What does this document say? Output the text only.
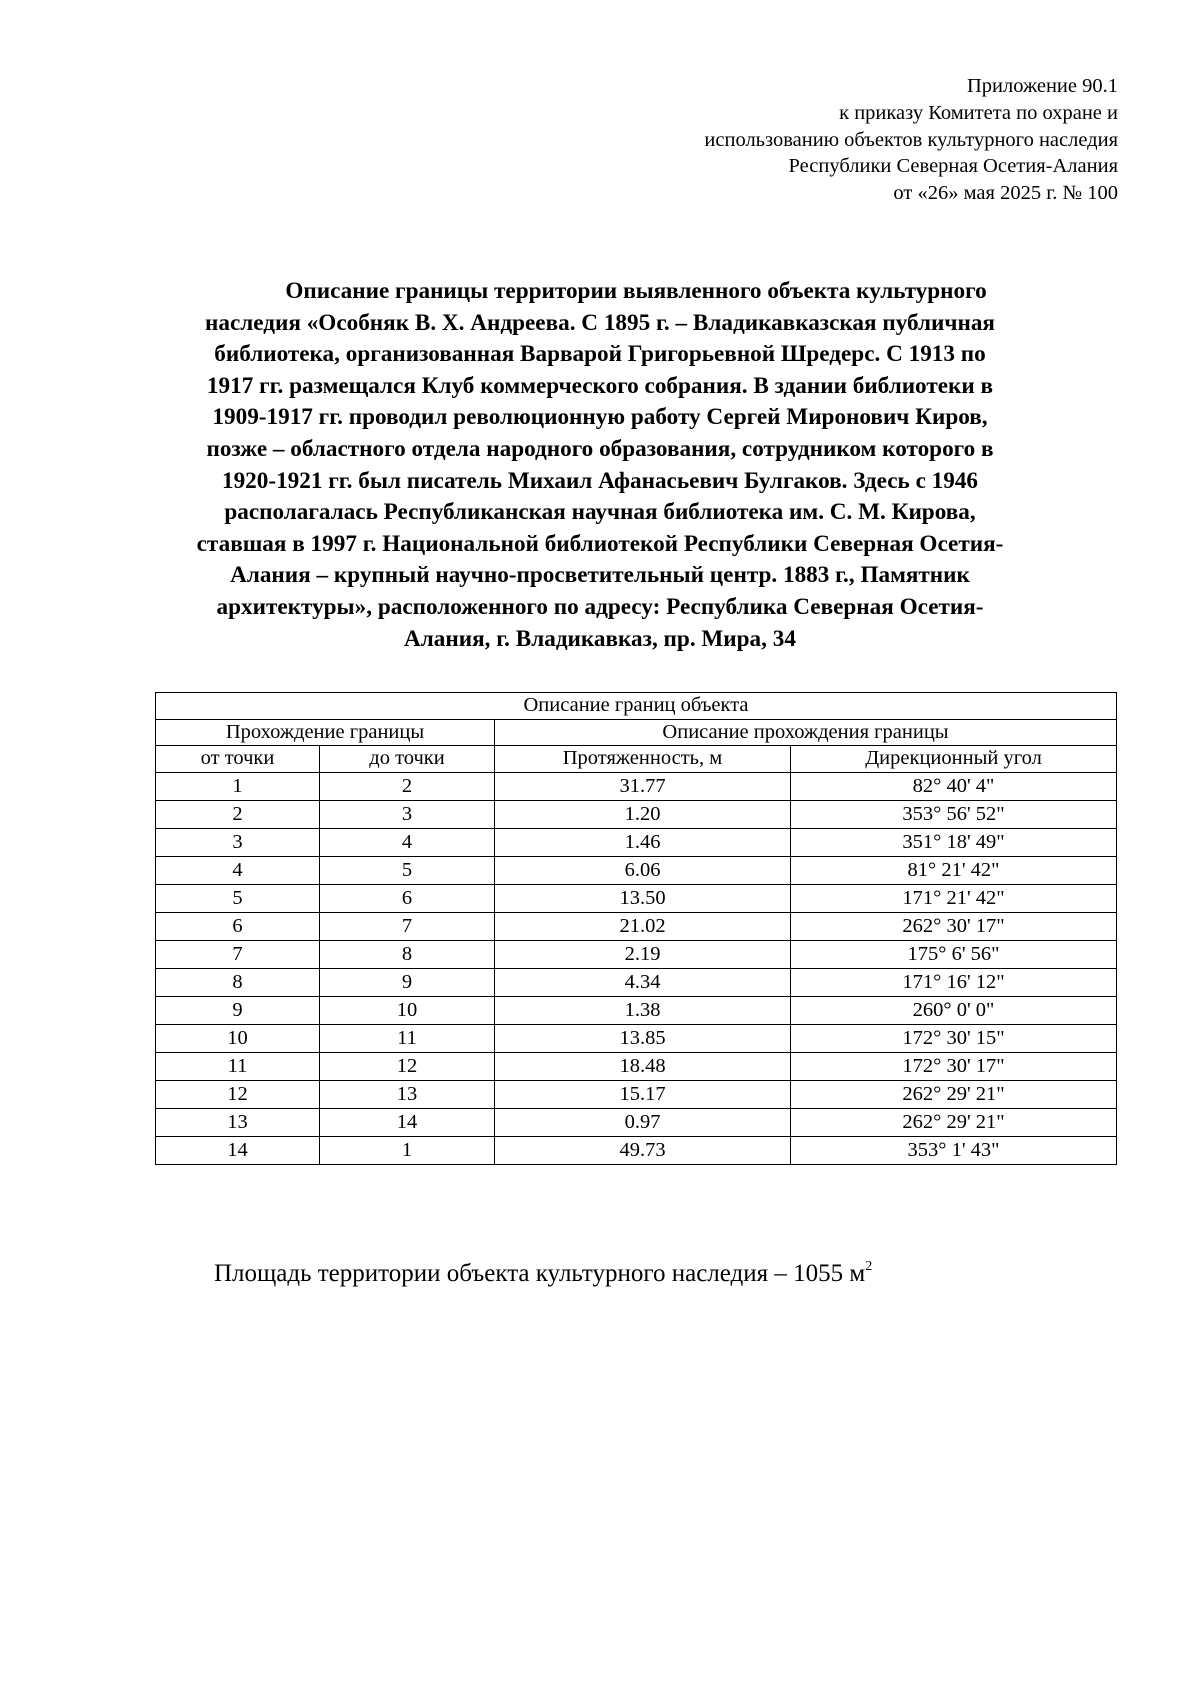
Приложение 90.1
к приказу Комитета по охране и
использованию объектов культурного наследия
Республики Северная Осетия-Алания
от «26» мая 2025 г. № 100
Описание границы территории выявленного объекта культурного
наследия «Особняк В. Х. Андреева. С 1895 г. – Владикавказская публичная
библиотека, организованная Варварой Григорьевной Шредерс. С 1913 по
1917 гг. размещался Клуб коммерческого собрания. В здании библиотеки в
1909-1917 гг. проводил революционную работу Сергей Миронович Киров,
позже – областного отдела народного образования, сотрудником которого в
1920-1921 гг. был писатель Михаил Афанасьевич Булгаков. Здесь с 1946
располагалась Республиканская научная библиотека им. С. М. Кирова,
ставшая в 1997 г. Национальной библиотекой Республики Северная Осетия-
Алания – крупный научно-просветительный центр. 1883 г., Памятник
архитектуры», расположенного по адресу: Республика Северная Осетия-
Алания, г. Владикавказ, пр. Мира, 34
Описание границ объекта			
Прохождение границы		Описание прохождения границы	
от точки	до точки	Протяженность, м	Дирекционный угол
1	2	31.77	82° 40' 4"
2	3	1.20	353° 56' 52"
3	4	1.46	351° 18' 49"
4	5	6.06	81° 21' 42"
5	6	13.50	171° 21' 42"
6	7	21.02	262° 30' 17"
7	8	2.19	175° 6' 56"
8	9	4.34	171° 16' 12"
9	10	1.38	260° 0' 0"
10	11	13.85	172° 30' 15"
11	12	18.48	172° 30' 17"
12	13	15.17	262° 29' 21"
13	14	0.97	262° 29' 21"
14	1	49.73	353° 1' 43"
Площадь территории объекта культурного наследия – 1055 $м^2$
